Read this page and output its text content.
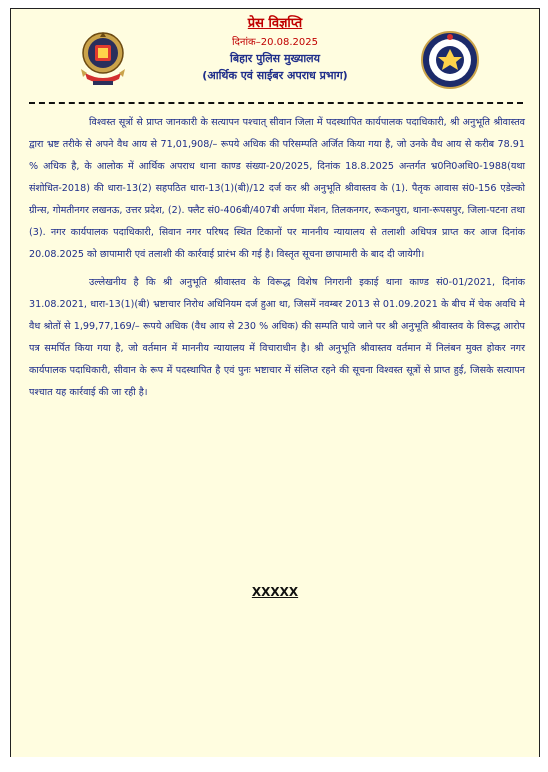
प्रेस विज्ञप्ति
दिनांक–20.08.2025
बिहार पुलिस मुख्यालय
(आर्थिक एवं साईबर अपराध प्रभाग)

विश्वस्त सूत्रों से प्राप्त जानकारी के सत्यापन पश्चात् सीवान जिला में पदस्थापित कार्यपालक पदाधिकारी, श्री अनुभूति श्रीवास्तव द्वारा भ्रष्ट तरीके से अपने वैध आय से 71,01,908/– रूपये अधिक की परिसम्पति अर्जित किया गया है, जो उनके वैध आय से करीब 78.91 % अधिक है, के आलोक में आर्थिक अपराध थाना काण्ड संख्या-20/2025, दिनांक 18.8.2025 अन्तर्गत भ्र0नि0अधि0-1988(यथा संशोधित-2018) की धारा-13(2) सहपठित धारा-13(1)(बी)/12 दर्ज कर श्री अनुभूति श्रीवास्तव के (1). पैतृक आवास सं0-156 एडेल्को ग्रीन्स, गोमतीनगर लखनऊ, उत्तर प्रदेश, (2). फ्लैट सं0-406बी/407बी अर्पणा मेंशन, तिलकनगर, रूकनपुरा, थाना-रूपसपुर, जिला-पटना तथा (3). नगर कार्यपालक पदाधिकारी, सिवान नगर परिषद स्थित टिकानों पर माननीय न्यायालय से तलाशी अधिपत्र प्राप्त कर आज दिनांक 20.08.2025 को छापामारी एवं तलाशी की कार्रवाई प्रारंभ की गई है। विस्तृत सूचना छापामारी के बाद दी जायेगी।

उल्लेखनीय है कि श्री अनुभूति श्रीवास्तव के विरूद्ध विशेष निगरानी इकाई थाना काण्ड सं0-01/2021, दिनांक 31.08.2021, धारा-13(1)(बी) भ्रष्टाचार निरोध अधिनियम दर्ज हुआ था, जिसमें नवम्बर 2013 से 01.09.2021 के बीच में चेक अवधि मे वैध श्रोतों से 1,99,77,169/– रूपये अधिक (वैध आय से 230 % अधिक) की सम्पति पाये जाने पर श्री अनुभूति श्रीवास्तव के विरूद्ध आरोप पत्र समर्पित किया गया है, जो वर्तमान में माननीय न्यायालय में विचाराधीन है। श्री अनुभूति श्रीवास्तव वर्तमान में निलंबन मुक्त होकर नगर कार्यपालक पदाधिकारी, सीवान के रूप में पदस्थापित है एवं पुनः भष्टाचार में संलिप्त रहने की सूचना विश्वस्त सूत्रों से प्राप्त हुई, जिसके सत्यापन पश्चात यह कार्रवाई की जा रही है।

XXXXX
